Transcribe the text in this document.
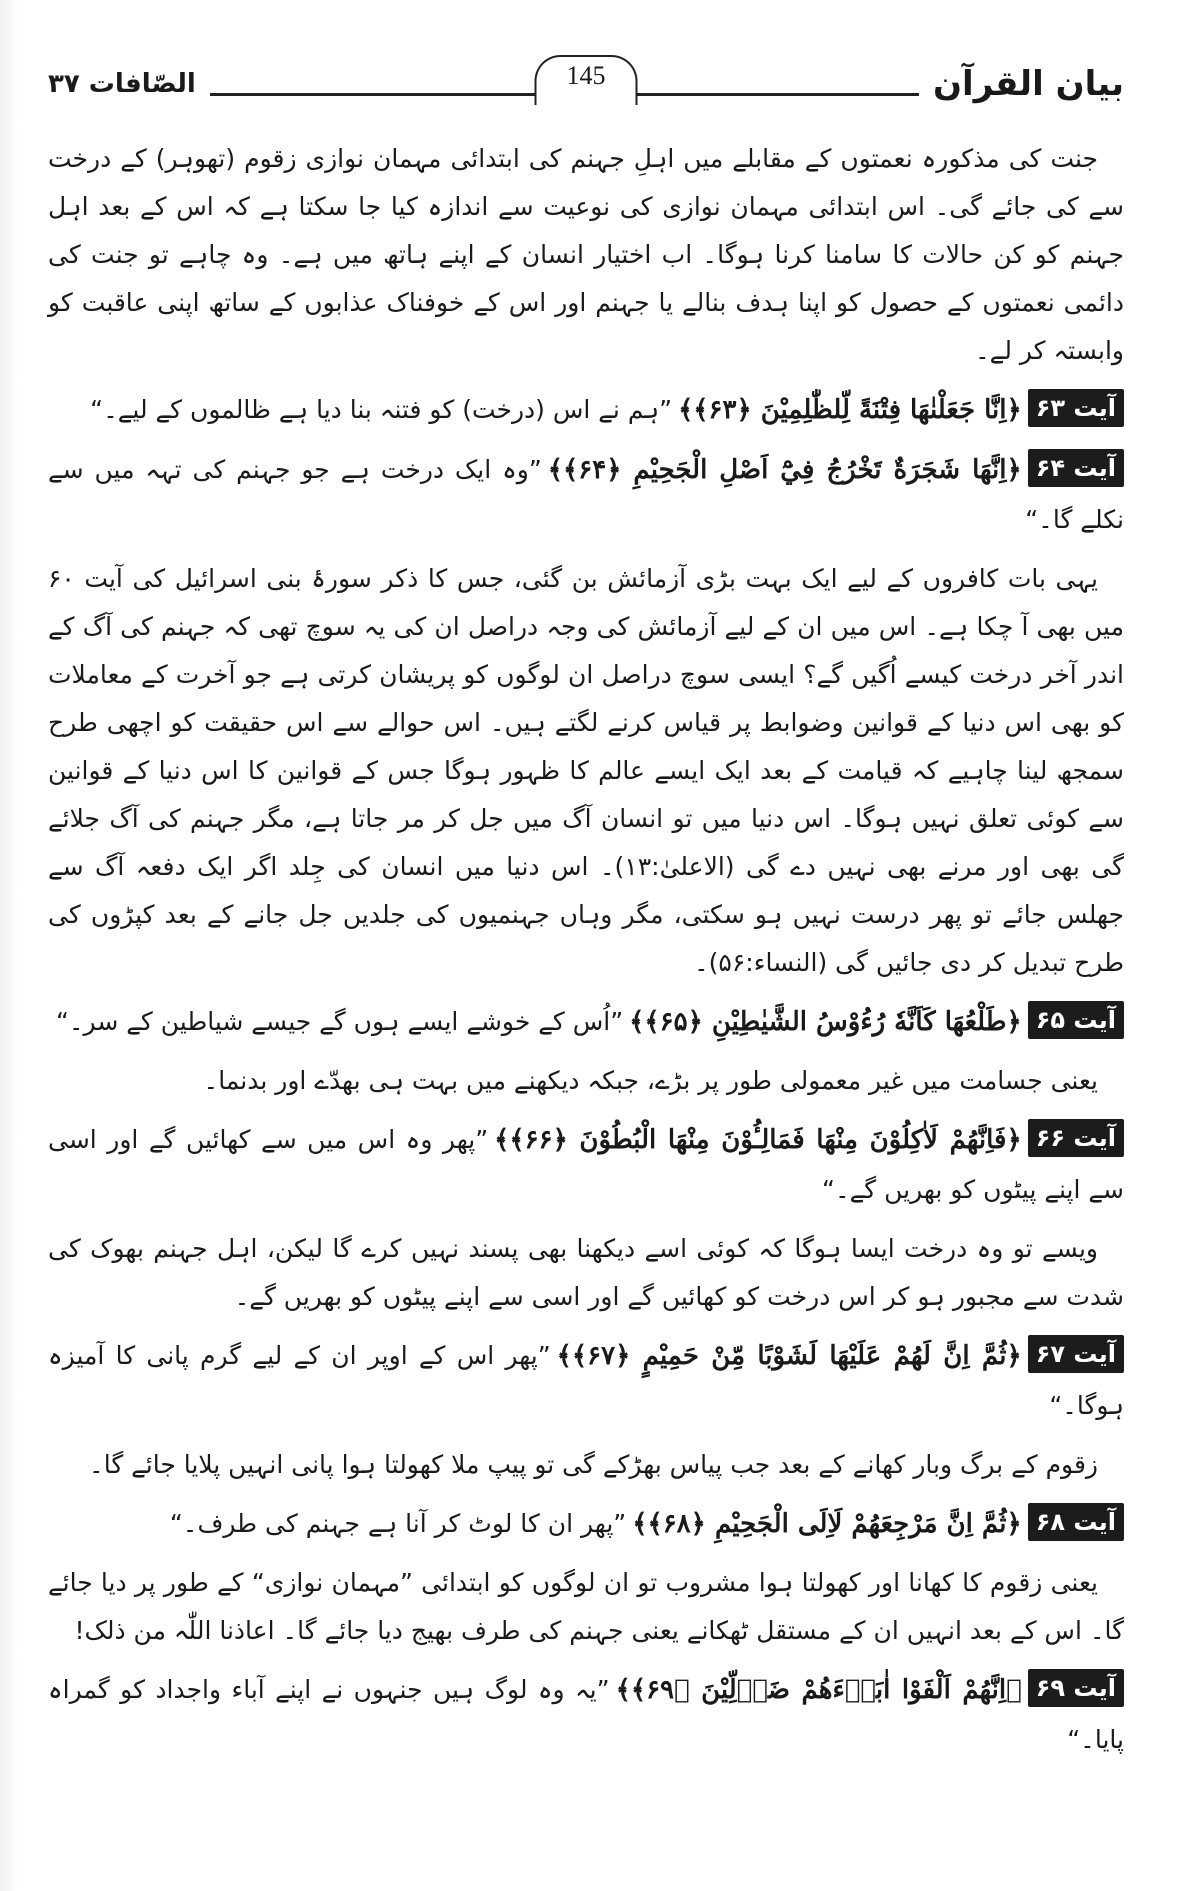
بیان القرآن
145
الصّافات ۳۷

جنت کی مذکورہ نعمتوں کے مقابلے میں اہلِ جہنم کی ابتدائی مہمان نوازی زقوم (تھوہر) کے درخت سے کی جائے گی۔ اس ابتدائی مہمان نوازی کی نوعیت سے اندازہ کیا جا سکتا ہے کہ اس کے بعد اہل جہنم کو کن حالات کا سامنا کرنا ہوگا۔ اب اختیار انسان کے اپنے ہاتھ میں ہے۔ وہ چاہے تو جنت کی دائمی نعمتوں کے حصول کو اپنا ہدف بنالے یا جہنم اور اس کے خوفناک عذابوں کے ساتھ اپنی عاقبت کو وابستہ کر لے۔

آیت ۶۳﴿اِنَّا جَعَلْنٰهَا فِتْنَةً لِّلظّٰلِمِيْنَ ﴿۶۳﴾﴾”ہم نے اس (درخت) کو فتنہ بنا دیا ہے ظالموں کے لیے۔“
آیت ۶۴﴿اِنَّهَا شَجَرَةٌ تَخْرُجُ فِيْٓ اَصْلِ الْجَحِيْمِ ﴿۶۴﴾﴾”وہ ایک درخت ہے جو جہنم کی تہہ میں سے نکلے گا۔“

یہی بات کافروں کے لیے ایک بہت بڑی آزمائش بن گئی، جس کا ذکر سورۂ بنی اسرائیل کی آیت ۶۰ میں بھی آ چکا ہے۔ اس میں ان کے لیے آزمائش کی وجہ دراصل ان کی یہ سوچ تھی کہ جہنم کی آگ کے اندر آخر درخت کیسے اُگیں گے؟ ایسی سوچ دراصل ان لوگوں کو پریشان کرتی ہے جو آخرت کے معاملات کو بھی اس دنیا کے قوانین وضوابط پر قیاس کرنے لگتے ہیں۔ اس حوالے سے اس حقیقت کو اچھی طرح سمجھ لینا چاہیے کہ قیامت کے بعد ایک ایسے عالم کا ظہور ہوگا جس کے قوانین کا اس دنیا کے قوانین سے کوئی تعلق نہیں ہوگا۔ اس دنیا میں تو انسان آگ میں جل کر مر جاتا ہے، مگر جہنم کی آگ جلائے گی بھی اور مرنے بھی نہیں دے گی (الاعلیٰ:۱۳)۔ اس دنیا میں انسان کی جِلد اگر ایک دفعہ آگ سے جھلس جائے تو پھر درست نہیں ہو سکتی، مگر وہاں جہنمیوں کی جلدیں جل جانے کے بعد کپڑوں کی طرح تبدیل کر دی جائیں گی (النساء:۵۶)۔

آیت ۶۵﴿طَلْعُهَا كَاَنَّهٗ رُءُوْسُ الشَّيٰطِيْنِ ﴿۶۵﴾﴾”اُس کے خوشے ایسے ہوں گے جیسے شیاطین کے سر۔“

یعنی جسامت میں غیر معمولی طور پر بڑے، جبکہ دیکھنے میں بہت ہی بھدّے اور بدنما۔

آیت ۶۶﴿فَاِنَّهُمْ لَاٰكِلُوْنَ مِنْهَا فَمَالِـُٔوْنَ مِنْهَا الْبُطُوْنَ ﴿۶۶﴾﴾”پھر وہ اس میں سے کھائیں گے اور اسی سے اپنے پیٹوں کو بھریں گے۔“

ویسے تو وہ درخت ایسا ہوگا کہ کوئی اسے دیکھنا بھی پسند نہیں کرے گا لیکن، اہل جہنم بھوک کی شدت سے مجبور ہو کر اس درخت کو کھائیں گے اور اسی سے اپنے پیٹوں کو بھریں گے۔

آیت ۶۷﴿ثُمَّ اِنَّ لَهُمْ عَلَيْهَا لَشَوْبًا مِّنْ حَمِيْمٍ ﴿۶۷﴾﴾”پھر اس کے اوپر ان کے لیے گرم پانی کا آمیزہ ہوگا۔“

زقوم کے برگ وبار کھانے کے بعد جب پیاس بھڑکے گی تو پیپ ملا کھولتا ہوا پانی انہیں پلایا جائے گا۔

آیت ۶۸﴿ثُمَّ اِنَّ مَرْجِعَهُمْ لَاِلَى الْجَحِيْمِ ﴿۶۸﴾﴾”پھر ان کا لوٹ کر آنا ہے جہنم کی طرف۔“

یعنی زقوم کا کھانا اور کھولتا ہوا مشروب تو ان لوگوں کو ابتدائی ”مہمان نوازی“ کے طور پر دیا جائے گا۔ اس کے بعد انہیں ان کے مستقل ٹھکانے یعنی جہنم کی طرف بھیج دیا جائے گا۔ اعاذنا اللّٰہ من ذلک!

آیت ۶۹﴿اِنَّهُمْ اَلْفَوْا اٰبَاۗءَهُمْ ضَاۗلِّيْنَ ﴿۶۹﴾﴾”یہ وہ لوگ ہیں جنہوں نے اپنے آباء واجداد کو گمراہ پایا۔“
